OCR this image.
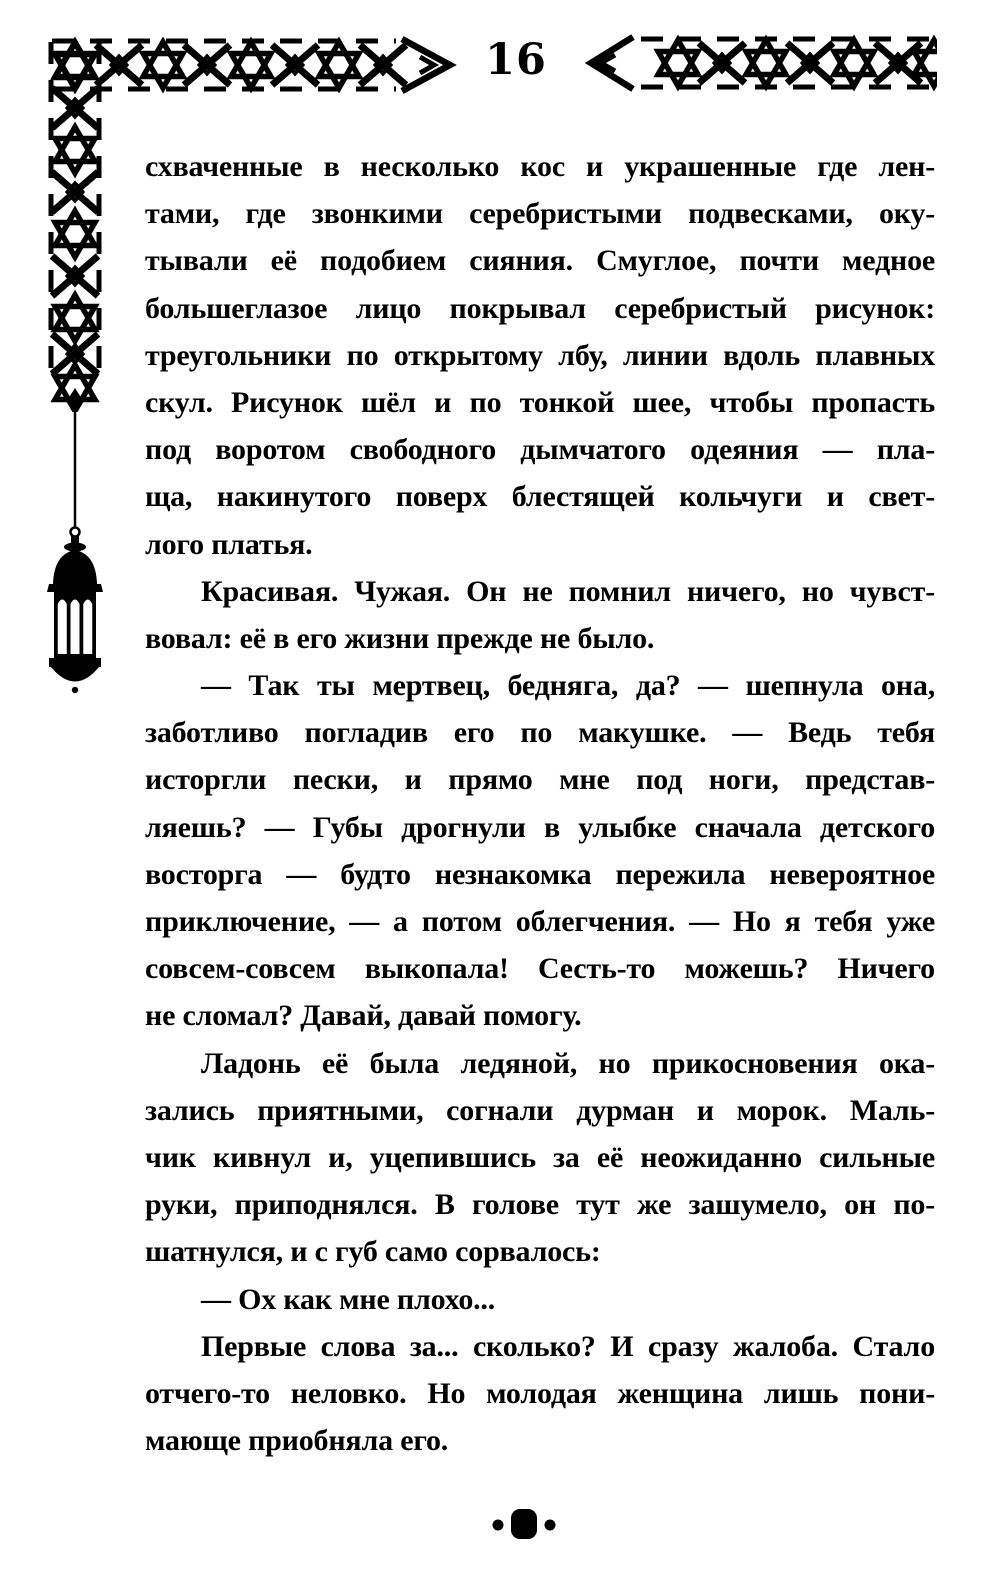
16
схваченные в несколько кос и украшенные где лен-
тами, где звонкими серебристыми подвесками, оку-
тывали её подобием сияния. Смуглое, почти медное
большеглазое лицо покрывал серебристый рисунок:
треугольники по открытому лбу, линии вдоль плавных
скул. Рисунок шёл и по тонкой шее, чтобы пропасть
под воротом свободного дымчатого одеяния — пла-
ща, накинутого поверх блестящей кольчуги и свет-
лого платья.
Красивая. Чужая. Он не помнил ничего, но чувст-
вовал: её в его жизни прежде не было.
— Так ты мертвец, бедняга, да? — шепнула она,
заботливо погладив его по макушке. — Ведь тебя
исторгли пески, и прямо мне под ноги, представ-
ляешь? — Губы дрогнули в улыбке сначала детского
восторга — будто незнакомка пережила невероятное
приключение, — а потом облегчения. — Но я тебя уже
совсем-совсем выкопала! Сесть-то можешь? Ничего
не сломал? Давай, давай помогу.
Ладонь её была ледяной, но прикосновения ока-
зались приятными, согнали дурман и морок. Маль-
чик кивнул и, уцепившись за её неожиданно сильные
руки, приподнялся. В голове тут же зашумело, он по-
шатнулся, и с губ само сорвалось:
— Ох как мне плохо...
Первые слова за... сколько? И сразу жалоба. Стало
отчего-то неловко. Но молодая женщина лишь пони-
мающе приобняла его.
